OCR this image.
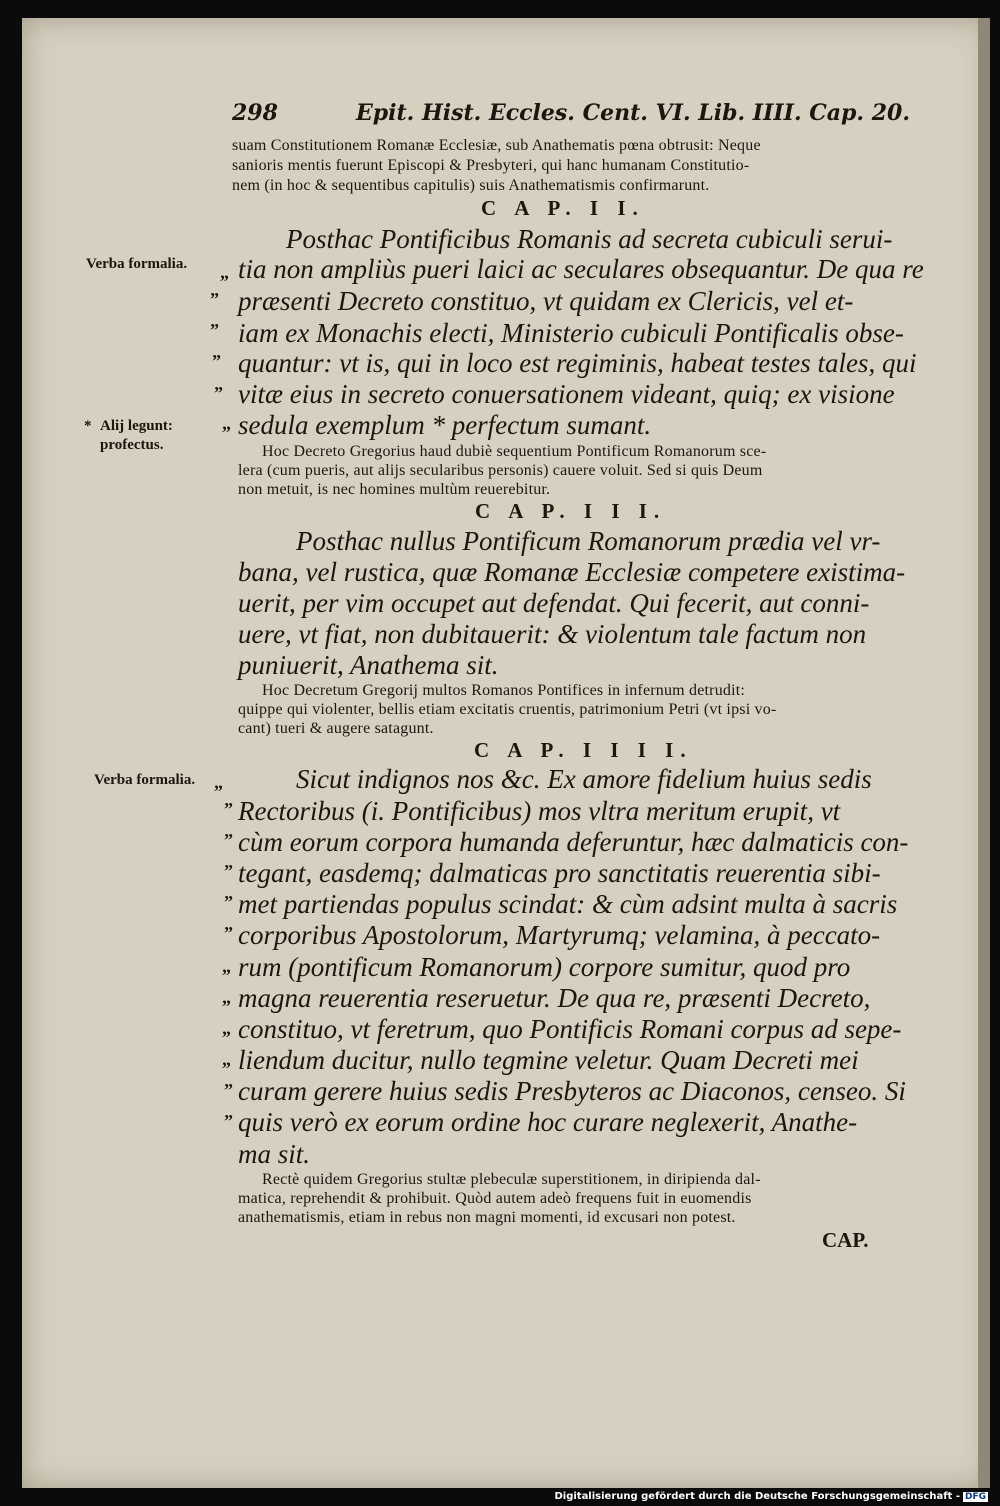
298	Epit. Hist. Eccles. Cent. VI. Lib. IIII. Cap. 20.
suam Constitutionem Romanæ Ecclesiæ, sub Anathematis pœna obtrusit: Neque
sanioris mentis fuerunt Episcopi & Presbyteri, qui hanc humanam Constitutio-
nem (in hoc & sequentibus capitulis) suis Anathematismis confirmarunt.
C A P. I I.
Posthac Pontificibus Romanis ad secreta cubiculi serui-
tia non ampliùs pueri laici ac seculares obsequantur. De qua re
præsenti Decreto constituo, vt quidam ex Clericis, vel et-
iam ex Monachis electi, Ministerio cubiculi Pontificalis obse-
quantur: vt is, qui in loco est regiminis, habeat testes tales, qui
vitæ eius in secreto conuersationem videant, quiq; ex visione
sedula exemplum * perfectum sumant.
Hoc Decreto Gregorius haud dubiè sequentium Pontificum Romanorum sce-
lera (cum pueris, aut alijs secularibus personis) cauere voluit. Sed si quis Deum
non metuit, is nec homines multùm reuerebitur.
C A P. I I I.
Posthac nullus Pontificum Romanorum prædia vel vr-
bana, vel rustica, quæ Romanæ Ecclesiæ competere existima-
uerit, per vim occupet aut defendat. Qui fecerit, aut conni-
uere, vt fiat, non dubitauerit: & violentum tale factum non
puniuerit, Anathema sit.
Hoc Decretum Gregorij multos Romanos Pontifices in infernum detrudit:
quippe qui violenter, bellis etiam excitatis cruentis, patrimonium Petri (vt ipsi vo-
cant) tueri & augere satagunt.
C A P. I I I I.
Sicut indignos nos &c. Ex amore fidelium huius sedis
Rectoribus (i. Pontificibus) mos vltra meritum erupit, vt
cùm eorum corpora humanda deferuntur, hæc dalmaticis con-
tegant, easdemq; dalmaticas pro sanctitatis reuerentia sibi-
met partiendas populus scindat: & cùm adsint multa à sacris
corporibus Apostolorum, Martyrumq; velamina, à peccato-
rum (pontificum Romanorum) corpore sumitur, quod pro
magna reuerentia reseruetur. De qua re, præsenti Decreto,
constituo, vt feretrum, quo Pontificis Romani corpus ad sepe-
liendum ducitur, nullo tegmine veletur. Quam Decreti mei
curam gerere huius sedis Presbyteros ac Diaconos, censeo. Si
quis verò ex eorum ordine hoc curare neglexerit, Anathe-
ma sit.
Rectè quidem Gregorius stultæ plebeculæ superstitionem, in diripienda dal-
matica, reprehendit & prohibuit. Quòd autem adeò frequens fuit in euomendis
anathematismis, etiam in rebus non magni momenti, id excusari non potest.
CAP.
Verba formalia.
* Alij legunt:
profectus.
Verba formalia.
„
”
”
”
”
„
„
”
”
”
”
”
„
„
„
„
”
”
Digitalisierung gefördert durch die Deutsche Forschungsgemeinschaft - DFG
